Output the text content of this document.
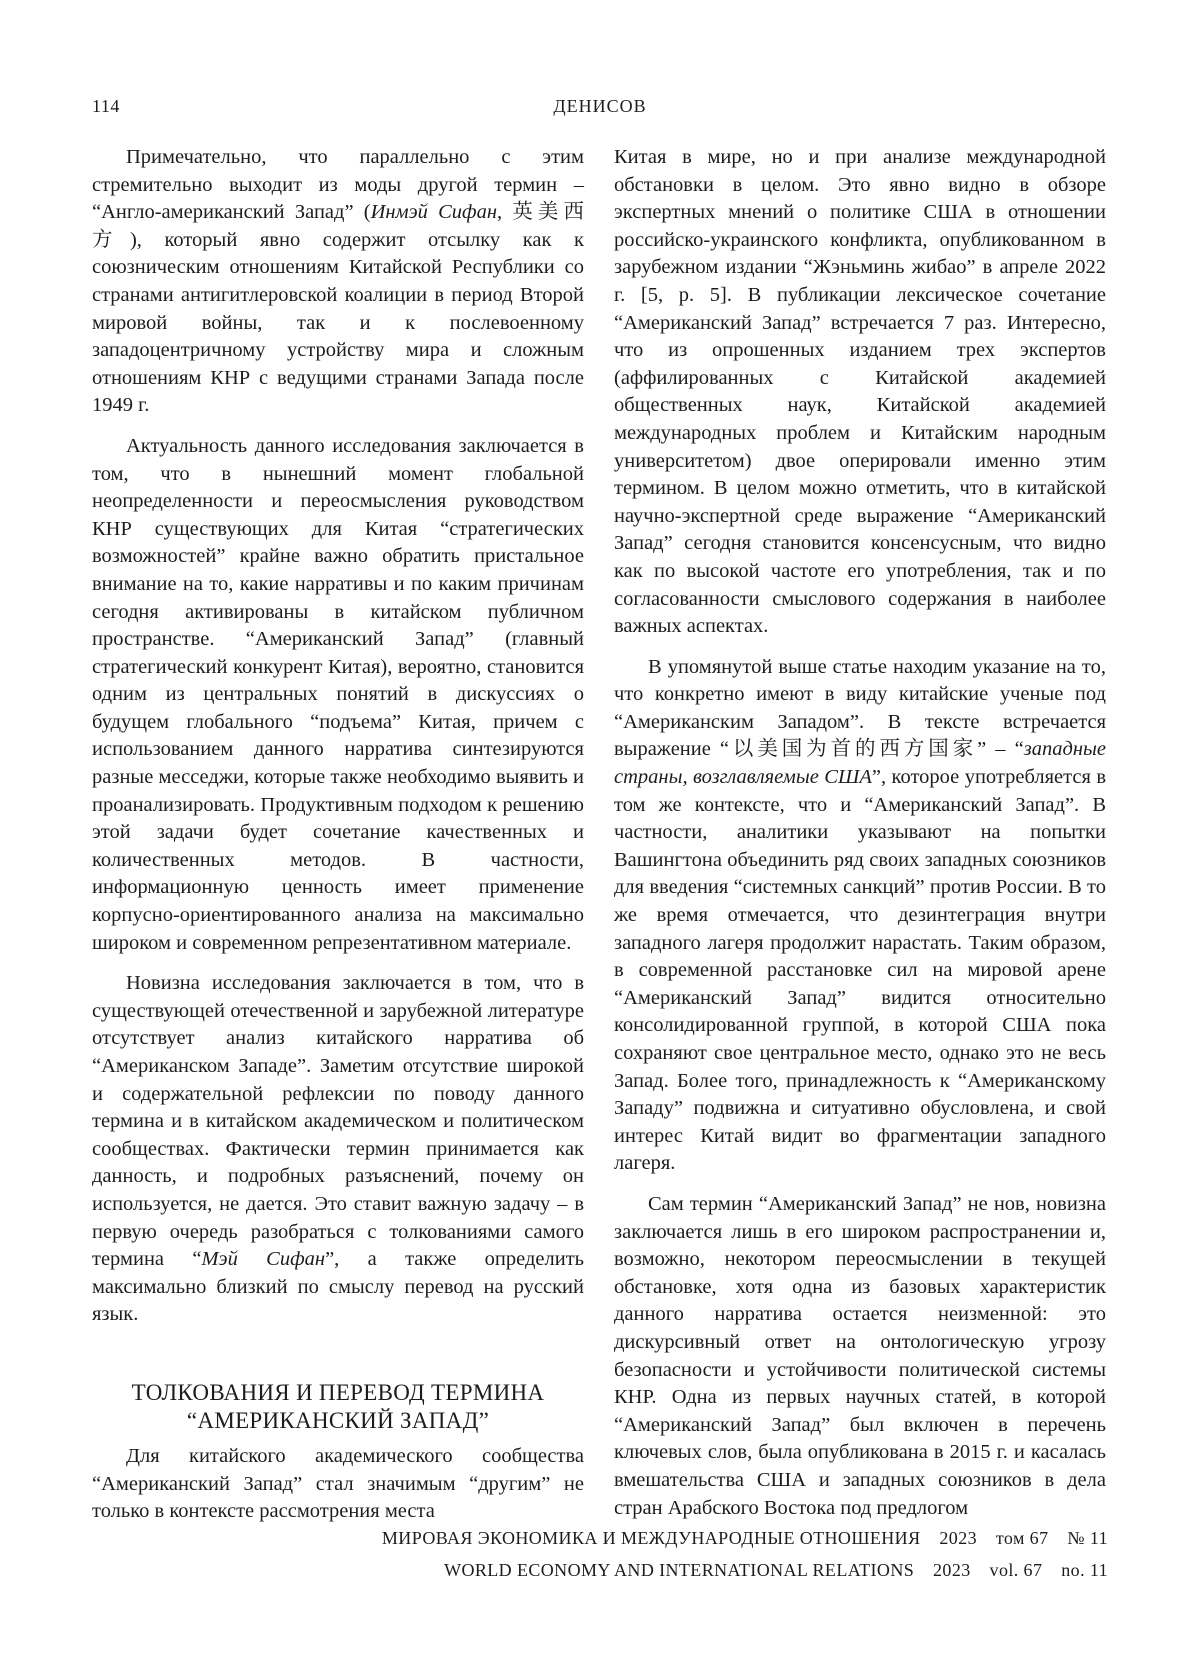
114	ДЕНИСОВ

Примечательно, что параллельно с этим стремительно выходит из моды другой термин – “Англо-американский Запад” (Инмэй Сифан, 英美西方), который явно содержит отсылку как к союзническим отношениям Китайской Республики со странами антигитлеровской коалиции в период Второй мировой войны, так и к послевоенному западоцентричному устройству мира и сложным отношениям КНР с ведущими странами Запада после 1949 г.

Актуальность данного исследования заключается в том, что в нынешний момент глобальной неопределенности и переосмысления руководством КНР существующих для Китая “стратегических возможностей” крайне важно обратить пристальное внимание на то, какие нарративы и по каким причинам сегодня активированы в китайском публичном пространстве. “Американский Запад” (главный стратегический конкурент Китая), вероятно, становится одним из центральных понятий в дискуссиях о будущем глобального “подъема” Китая, причем с использованием данного нарратива синтезируются разные месседжи, которые также необходимо выявить и проанализировать. Продуктивным подходом к решению этой задачи будет сочетание качественных и количественных методов. В частности, информационную ценность имеет применение корпусно-ориентированного анализа на максимально широком и современном репрезентативном материале.

Новизна исследования заключается в том, что в существующей отечественной и зарубежной литературе отсутствует анализ китайского нарратива об “Американском Западе”. Заметим отсутствие широкой и содержательной рефлексии по поводу данного термина и в китайском академическом и политическом сообществах. Фактически термин принимается как данность, и подробных разъяснений, почему он используется, не дается. Это ставит важную задачу – в первую очередь разобраться с толкованиями самого термина “Мэй Сифан”, а также определить максимально близкий по смыслу перевод на русский язык.

ТОЛКОВАНИЯ И ПЕРЕВОД ТЕРМИНА
“АМЕРИКАНСКИЙ ЗАПАД”

Для китайского академического сообщества “Американский Запад” стал значимым “другим” не только в контексте рассмотрения места

Китая в мире, но и при анализе международной обстановки в целом. Это явно видно в обзоре экспертных мнений о политике США в отношении российско-украинского конфликта, опубликованном в зарубежном издании “Жэньминь жибао” в апреле 2022 г. [5, p. 5]. В публикации лексическое сочетание “Американский Запад” встречается 7 раз. Интересно, что из опрошенных изданием трех экспертов (аффилированных с Китайской академией общественных наук, Китайской академией международных проблем и Китайским народным университетом) двое оперировали именно этим термином. В целом можно отметить, что в китайской научно-экспертной среде выражение “Американский Запад” сегодня становится консенсусным, что видно как по высокой частоте его употребления, так и по согласованности смыслового содержания в наиболее важных аспектах.

В упомянутой выше статье находим указание на то, что конкретно имеют в виду китайские ученые под “Американским Западом”. В тексте встречается выражение “以美国为首的西方国家” – “западные страны, возглавляемые США”, которое употребляется в том же контексте, что и “Американский Запад”. В частности, аналитики указывают на попытки Вашингтона объединить ряд своих западных союзников для введения “системных санкций” против России. В то же время отмечается, что дезинтеграция внутри западного лагеря продолжит нарастать. Таким образом, в современной расстановке сил на мировой арене “Американский Запад” видится относительно консолидированной группой, в которой США пока сохраняют свое центральное место, однако это не весь Запад. Более того, принадлежность к “Американскому Западу” подвижна и ситуативно обусловлена, и свой интерес Китай видит во фрагментации западного лагеря.

Сам термин “Американский Запад” не нов, новизна заключается лишь в его широком распространении и, возможно, некотором переосмыслении в текущей обстановке, хотя одна из базовых характеристик данного нарратива остается неизменной: это дискурсивный ответ на онтологическую угрозу безопасности и устойчивости политической системы КНР. Одна из первых научных статей, в которой “Американский Запад” был включен в перечень ключевых слов, была опубликована в 2015 г. и касалась вмешательства США и западных союзников в дела стран Арабского Востока под предлогом

МИРОВАЯ ЭКОНОМИКА И МЕЖДУНАРОДНЫЕ ОТНОШЕНИЯ 2023 том 67 № 11
WORLD ECONOMY AND INTERNATIONAL RELATIONS 2023 vol. 67 no. 11
